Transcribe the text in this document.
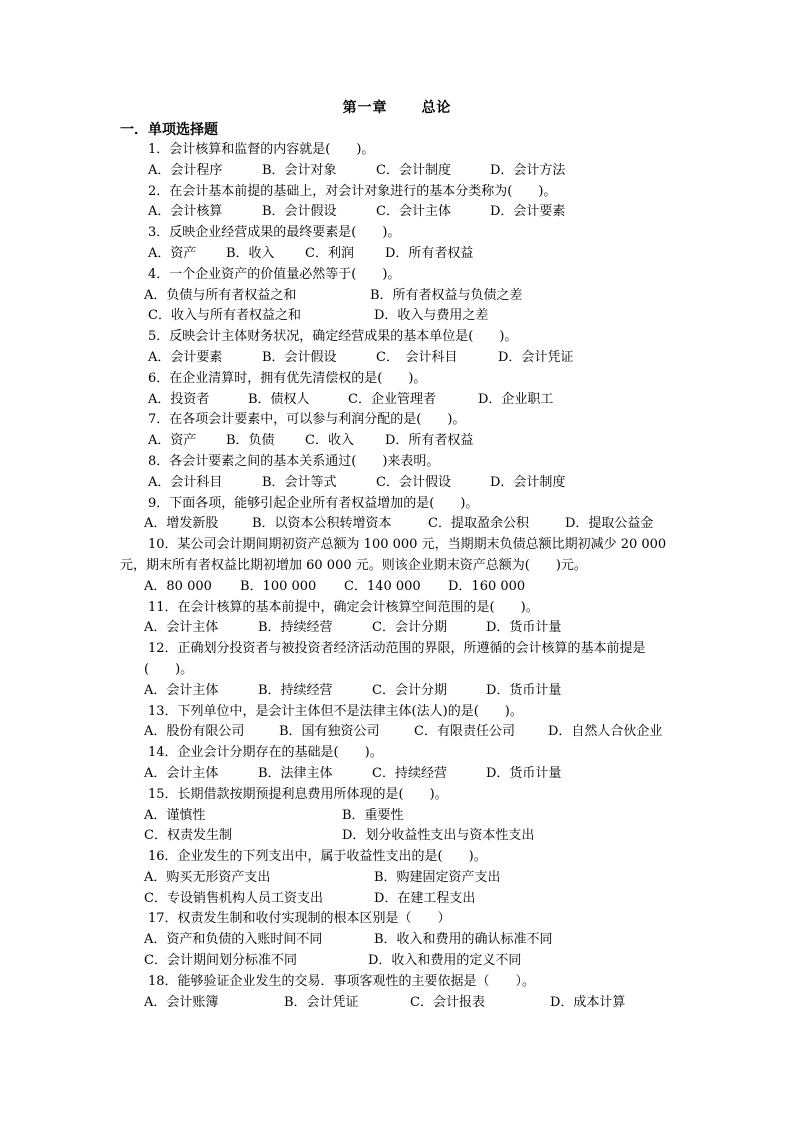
第一章 总论
一．单项选择题
1．会计核算和监督的内容就是(　　)。
A．会计程序	B．会计对象	C．会计制度	D．会计方法
2．在会计基本前提的基础上，对会计对象进行的基本分类称为(　　)。
A．会计核算	B．会计假设	C．会计主体	D．会计要素
3．反映企业经营成果的最终要素是(　　)。
A．资产 B．收入 C．利润 D．所有者权益
4．一个企业资产的价值量必然等于(　　)。
A．负债与所有者权益之和	B．所有者权益与负债之差
C．收入与所有者权益之和	D．收入与费用之差
5．反映会计主体财务状况，确定经营成果的基本单位是(　　)。
A．会计要素	B．会计假设	C．　会计科目	D．会计凭证
6．在企业清算时，拥有优先清偿权的是(　　)。
A．投资者	B．债权人	C．企业管理者	D．企业职工
7．在各项会计要素中，可以参与利润分配的是(　　)。
A．资产 B．负债 C．收入 D．所有者权益
8．各会计要素之间的基本关系通过(　　)来表明。
A．会计科目	B．会计等式	C．会计假设	D．会计制度
9．下面各项，能够引起企业所有者权益增加的是(　　)。
A．增发新股	B．以资本公积转增资本	C．提取盈余公积	D．提取公益金
10．某公司会计期间期初资产总额为 100 000 元，当期期末负债总额比期初减少 20 000
元，期末所有者权益比期初增加 60 000 元。则该企业期末资产总额为(　　)元。
A．80 000 B．100 000 C．140 000 D．160 000
11．在会计核算的基本前提中，确定会计核算空间范围的是(　　)。
A．会计主体	B．持续经营	C．会计分期	D．货币计量
12．正确划分投资者与被投资者经济活动范围的界限，所遵循的会计核算的基本前提是
(　　)。
A．会计主体	B．持续经营	C．会计分期	D．货币计量
13．下列单位中，是会计主体但不是法律主体(法人)的是(　　)。
A．股份有限公司	B．国有独资公司	C．有限责任公司	D．自然人合伙企业
14．企业会计分期存在的基础是(　　)。
A．会计主体	B．法律主体	C．持续经营	D．货币计量
15．长期借款按期预提利息费用所体现的是(　　)。
A．谨慎性	B．重要性
C．权责发生制	D．划分收益性支出与资本性支出
16．企业发生的下列支出中，属于收益性支出的是(　　)。
A．购买无形资产支出	B．购建固定资产支出
C．专设销售机构人员工资支出	D．在建工程支出
17．权责发生制和收付实现制的根本区别是（　　）
A．资产和负债的入账时间不同	B．收入和费用的确认标准不同
C．会计期间划分标准不同	D．收入和费用的定义不同
18．能够验证企业发生的交易．事项客观性的主要依据是（　　）。
A．会计账簿	B．会计凭证	C．会计报表	D．成本计算
